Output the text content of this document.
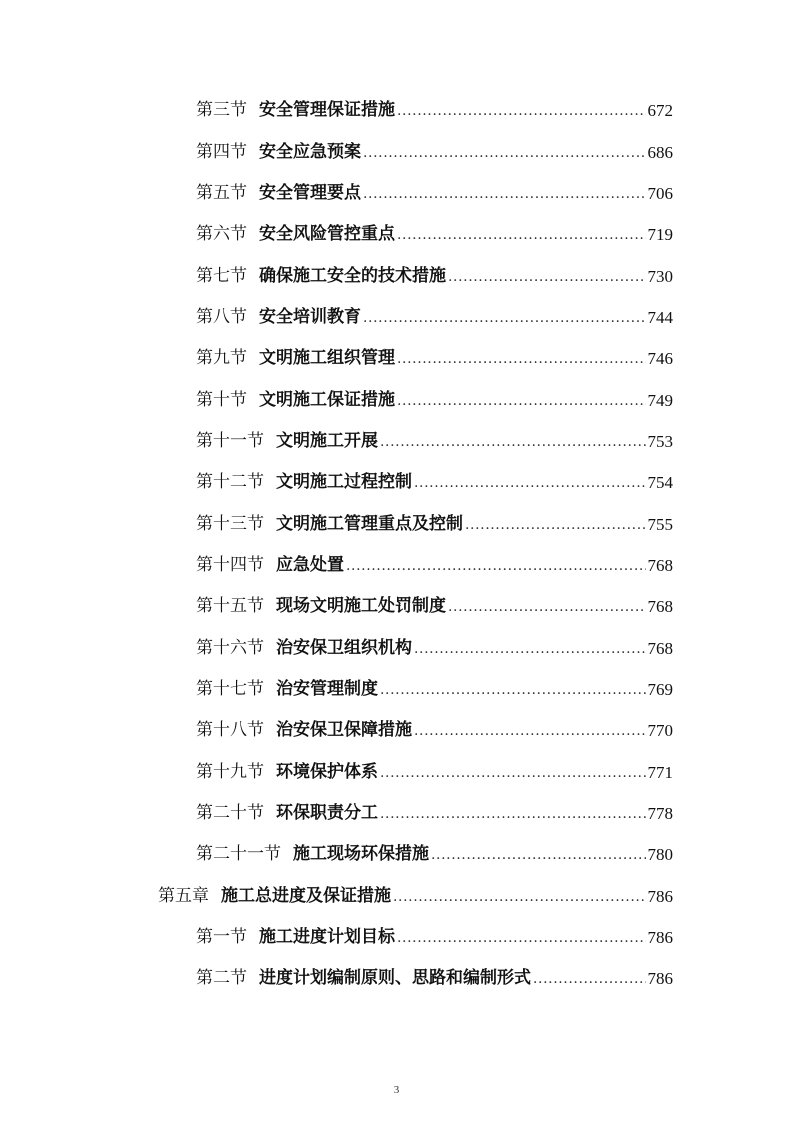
第三节 安全管理保证措施 .....	672
第四节 安全应急预案 .....	686
第五节 安全管理要点 .....	706
第六节 安全风险管控重点 .....	719
第七节 确保施工安全的技术措施 .....	730
第八节 安全培训教育 .....	744
第九节 文明施工组织管理 .....	746
第十节 文明施工保证措施 .....	749
第十一节 文明施工开展 .....	753
第十二节 文明施工过程控制 .....	754
第十三节 文明施工管理重点及控制 .....	755
第十四节 应急处置 .....	768
第十五节 现场文明施工处罚制度 .....	768
第十六节 治安保卫组织机构 .....	768
第十七节 治安管理制度 .....	769
第十八节 治安保卫保障措施 .....	770
第十九节 环境保护体系 .....	771
第二十节 环保职责分工 .....	778
第二十一节 施工现场环保措施 .....	780
第五章 施工总进度及保证措施 .....	786
第一节 施工进度计划目标 .....	786
第二节 进度计划编制原则、思路和编制形式 .....	786
3
